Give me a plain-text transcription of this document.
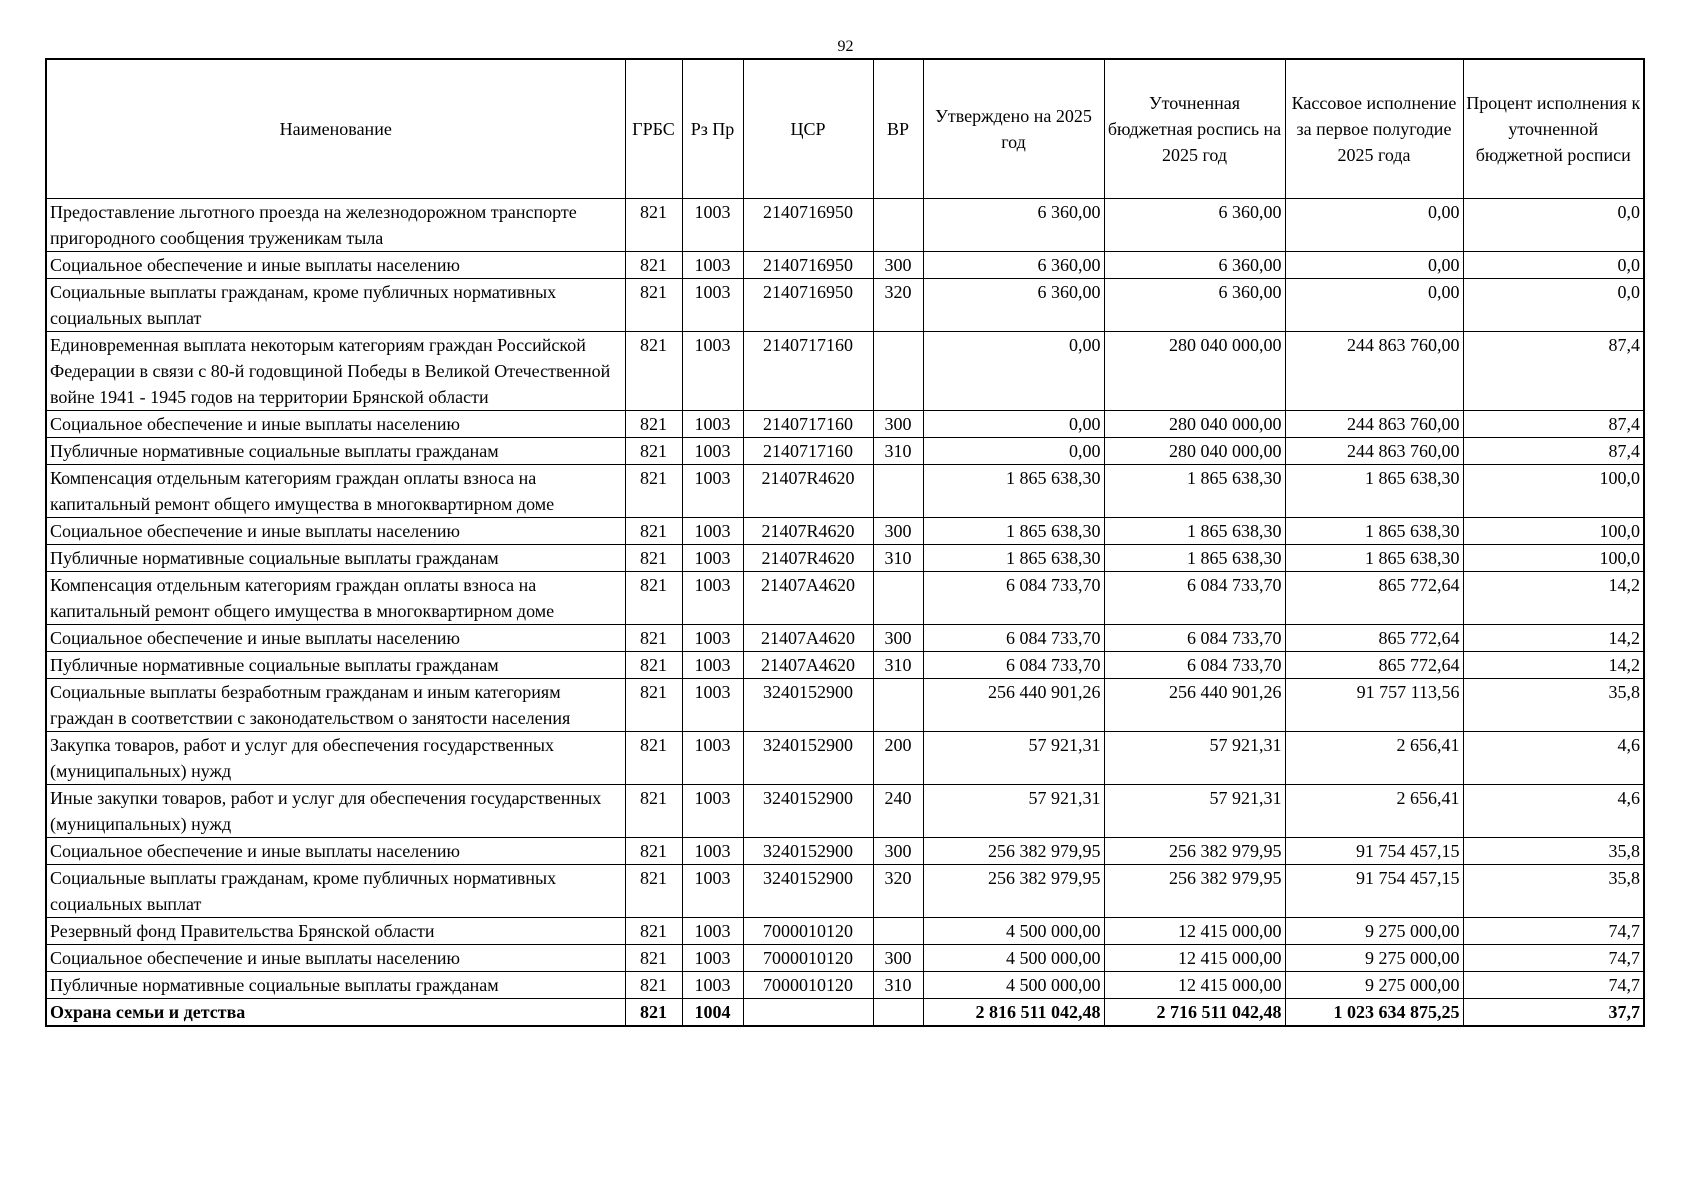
92
Наименование	ГРБС	Рз Пр	ЦСР	ВР	Утверждено на 2025 год	Уточненная бюджетная роспись на 2025 год	Кассовое исполнение за первое полугодие 2025 года	Процент исполнения к уточненной бюджетной росписи
Предоставление льготного проезда на железнодорожном транспорте пригородного сообщения труженикам тыла	821	1003	2140716950		6 360,00	6 360,00	0,00	0,0
Социальное обеспечение и иные выплаты населению	821	1003	2140716950	300	6 360,00	6 360,00	0,00	0,0
Социальные выплаты гражданам, кроме публичных нормативных социальных выплат	821	1003	2140716950	320	6 360,00	6 360,00	0,00	0,0
Единовременная выплата некоторым категориям граждан Российской Федерации в связи с 80-й годовщиной Победы в Великой Отечественной войне 1941 - 1945 годов на территории Брянской области	821	1003	2140717160		0,00	280 040 000,00	244 863 760,00	87,4
Социальное обеспечение и иные выплаты населению	821	1003	2140717160	300	0,00	280 040 000,00	244 863 760,00	87,4
Публичные нормативные социальные выплаты гражданам	821	1003	2140717160	310	0,00	280 040 000,00	244 863 760,00	87,4
Компенсация отдельным категориям граждан оплаты взноса на капитальный ремонт общего имущества в многоквартирном доме	821	1003	21407R4620		1 865 638,30	1 865 638,30	1 865 638,30	100,0
Социальное обеспечение и иные выплаты населению	821	1003	21407R4620	300	1 865 638,30	1 865 638,30	1 865 638,30	100,0
Публичные нормативные социальные выплаты гражданам	821	1003	21407R4620	310	1 865 638,30	1 865 638,30	1 865 638,30	100,0
Компенсация отдельным категориям граждан оплаты взноса на капитальный ремонт общего имущества в многоквартирном доме	821	1003	21407A4620		6 084 733,70	6 084 733,70	865 772,64	14,2
Социальное обеспечение и иные выплаты населению	821	1003	21407A4620	300	6 084 733,70	6 084 733,70	865 772,64	14,2
Публичные нормативные социальные выплаты гражданам	821	1003	21407A4620	310	6 084 733,70	6 084 733,70	865 772,64	14,2
Социальные выплаты безработным гражданам и иным категориям граждан в соответствии с законодательством о занятости населения	821	1003	3240152900		256 440 901,26	256 440 901,26	91 757 113,56	35,8
Закупка товаров, работ и услуг для обеспечения государственных (муниципальных) нужд	821	1003	3240152900	200	57 921,31	57 921,31	2 656,41	4,6
Иные закупки товаров, работ и услуг для обеспечения государственных (муниципальных) нужд	821	1003	3240152900	240	57 921,31	57 921,31	2 656,41	4,6
Социальное обеспечение и иные выплаты населению	821	1003	3240152900	300	256 382 979,95	256 382 979,95	91 754 457,15	35,8
Социальные выплаты гражданам, кроме публичных нормативных социальных выплат	821	1003	3240152900	320	256 382 979,95	256 382 979,95	91 754 457,15	35,8
Резервный фонд Правительства Брянской области	821	1003	7000010120		4 500 000,00	12 415 000,00	9 275 000,00	74,7
Социальное обеспечение и иные выплаты населению	821	1003	7000010120	300	4 500 000,00	12 415 000,00	9 275 000,00	74,7
Публичные нормативные социальные выплаты гражданам	821	1003	7000010120	310	4 500 000,00	12 415 000,00	9 275 000,00	74,7
Охрана семьи и детства	821	1004			2 816 511 042,48	2 716 511 042,48	1 023 634 875,25	37,7
